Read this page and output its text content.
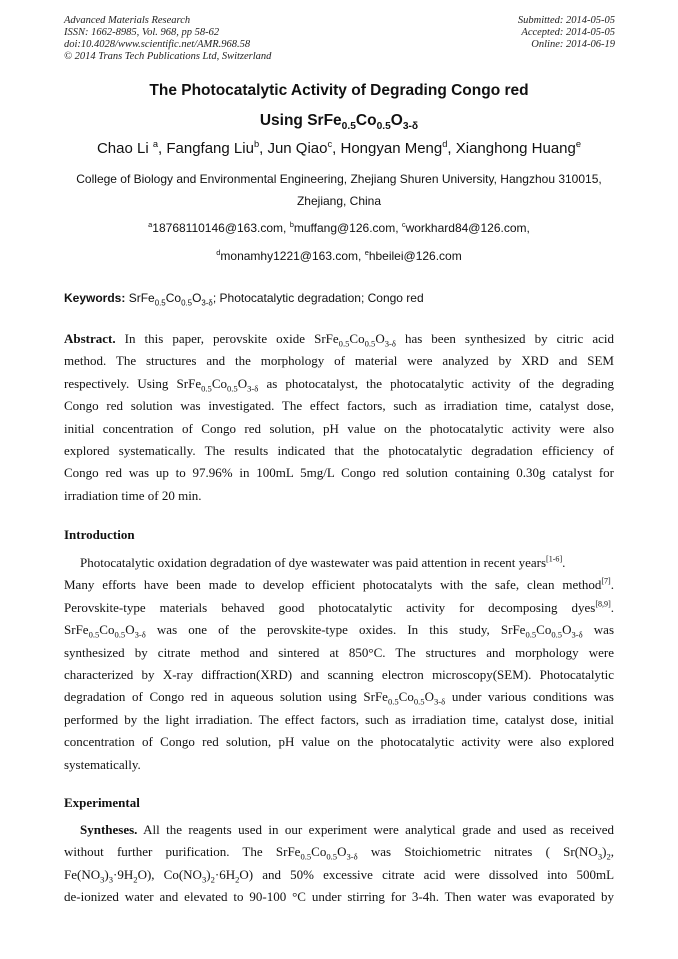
Advanced Materials Research
ISSN: 1662-8985, Vol. 968, pp 58-62
doi:10.4028/www.scientific.net/AMR.968.58
© 2014 Trans Tech Publications Ltd, Switzerland
Submitted: 2014-05-05
Accepted: 2014-05-05
Online: 2014-06-19
The Photocatalytic Activity of Degrading Congo red
Using $SrFe_{0.5}Co_{0.5}O_{3-\delta}$
Chao Li $^a$, Fangfang Liu$^b$, Jun Qiao$^c$, Hongyan Meng$^d$, Xianghong Huang$^e$
College of Biology and Environmental Engineering, Zhejiang Shuren University, Hangzhou 310015,
Zhejiang, China
$^a$18768110146@163.com, $^b$muffang@126.com, $^c$workhard84@126.com,
$^d$monamhy1221@163.com, $^e$hbeilei@126.com
Keywords: $SrFe_{0.5}Co_{0.5}O_{3-\delta}$; Photocatalytic degradation; Congo red
Abstract. In this paper, perovskite oxide $SrFe_{0.5}Co_{0.5}O_{3-\delta}$ has been synthesized by citric acid
method. The structures and the morphology of material were analyzed by XRD and SEM
respectively. Using $SrFe_{0.5}Co_{0.5}O_{3-\delta}$ as photocatalyst, the photocatalytic activity of the degrading
Congo red solution was investigated. The effect factors, such as irradiation time, catalyst dose,
initial concentration of Congo red solution, pH value on the photocatalytic activity were also
explored systematically. The results indicated that the photocatalytic degradation efficiency of
Congo red was up to 97.96% in 100mL 5mg/L Congo red solution containing 0.30g catalyst for
irradiation time of 20 min.
Introduction
Photocatalytic oxidation degradation of dye wastewater was paid attention in recent years[1-6].
Many efforts have been made to develop efficient photocatalyts with the safe, clean method[7].
Perovskite-type materials behaved good photocatalytic activity for decomposing dyes[8,9].
$SrFe_{0.5}Co_{0.5}O_{3-\delta}$ was one of the perovskite-type oxides. In this study, $SrFe_{0.5}Co_{0.5}O_{3-\delta}$ was
synthesized by citrate method and sintered at 850°C. The structures and morphology were
characterized by X-ray diffraction(XRD) and scanning electron microscopy(SEM). Photocatalytic
degradation of Congo red in aqueous solution using $SrFe_{0.5}Co_{0.5}O_{3-\delta}$ under various conditions was
performed by the light irradiation. The effect factors, such as irradiation time, catalyst dose, initial
concentration of Congo red solution, pH value on the photocatalytic activity were also explored
systematically.
Experimental
Syntheses. All the reagents used in our experiment were analytical grade and used as received
without further purification. The $SrFe_{0.5}Co_{0.5}O_{3-\delta}$ was Stoichiometric nitrates ( $Sr(NO_3)_2$,
$Fe(NO_3)_3\cdot 9H_2O$), $Co(NO_3)_2\cdot 6H_2O$) and 50% excessive citrate acid were dissolved into 500mL
de-ionized water and elevated to 90-100 °C under stirring for 3-4h. Then water was evaporated by
